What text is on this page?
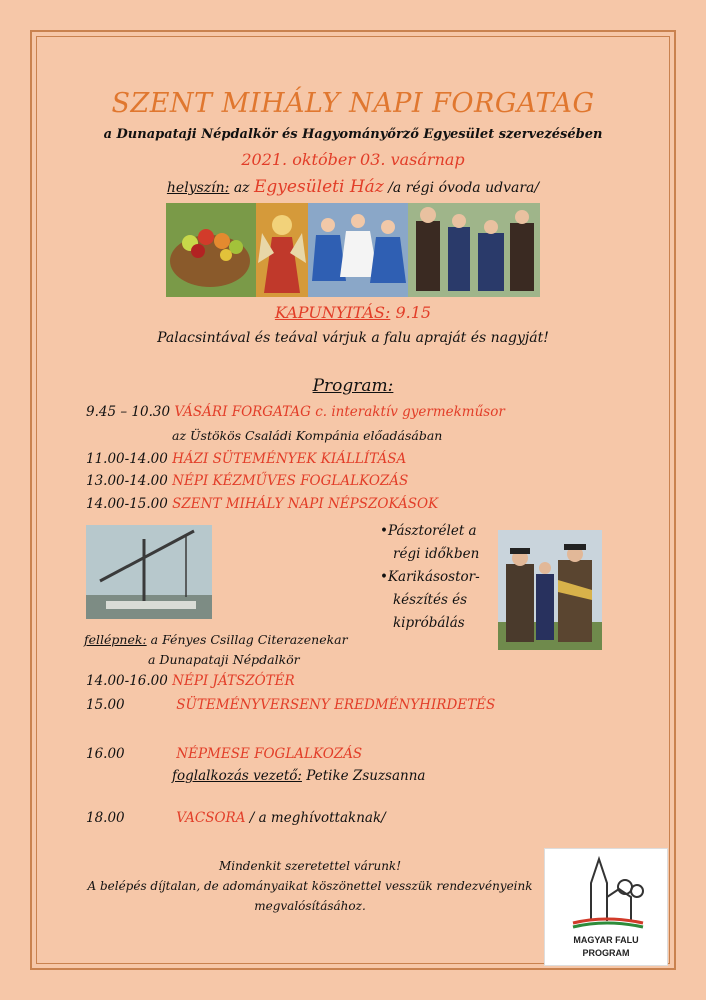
SZENT MIHÁLY NAPI FORGATAG
a Dunapataji Népdalkör és Hagyományőrző Egyesület szervezésében
2021. október 03. vasárnap
helyszín: az Egyesületi Ház /a régi óvoda udvara/
KAPUNYITÁS: 9.15
Palacsintával és teával várjuk a falu apraját és nagyját!
Program:
9.45 – 10.30 VÁSÁRI FORGATAG c. interaktív gyermekműsor
az Üstökös Családi Kompánia előadásában
11.00-14.00 HÁZI SÜTEMÉNYEK KIÁLLÍTÁSA
13.00-14.00 NÉPI KÉZMŰVES FOGLALKOZÁS
14.00-15.00 SZENT MIHÁLY NAPI NÉPSZOKÁSOK
•Pásztorélet a
régi időkben
•Karikásostor-
készítés és
kipróbálás
fellépnek: a Fényes Csillag Citerazenekar
a Dunapataji Népdalkör
14.00-16.00 NÉPI JÁTSZÓTÉR
15.00	SÜTEMÉNYVERSENY EREDMÉNYHIRDETÉS
16.00	NÉPMESE FOGLALKOZÁS
foglalkozás vezető: Petike Zsuzsanna
18.00	VACSORA / a meghívottaknak/
Mindenkit szeretettel várunk!
A belépés díjtalan, de adományaikat köszönettel vesszük rendezvényeink
megvalósításához.
MAGYAR FALU
PROGRAM
